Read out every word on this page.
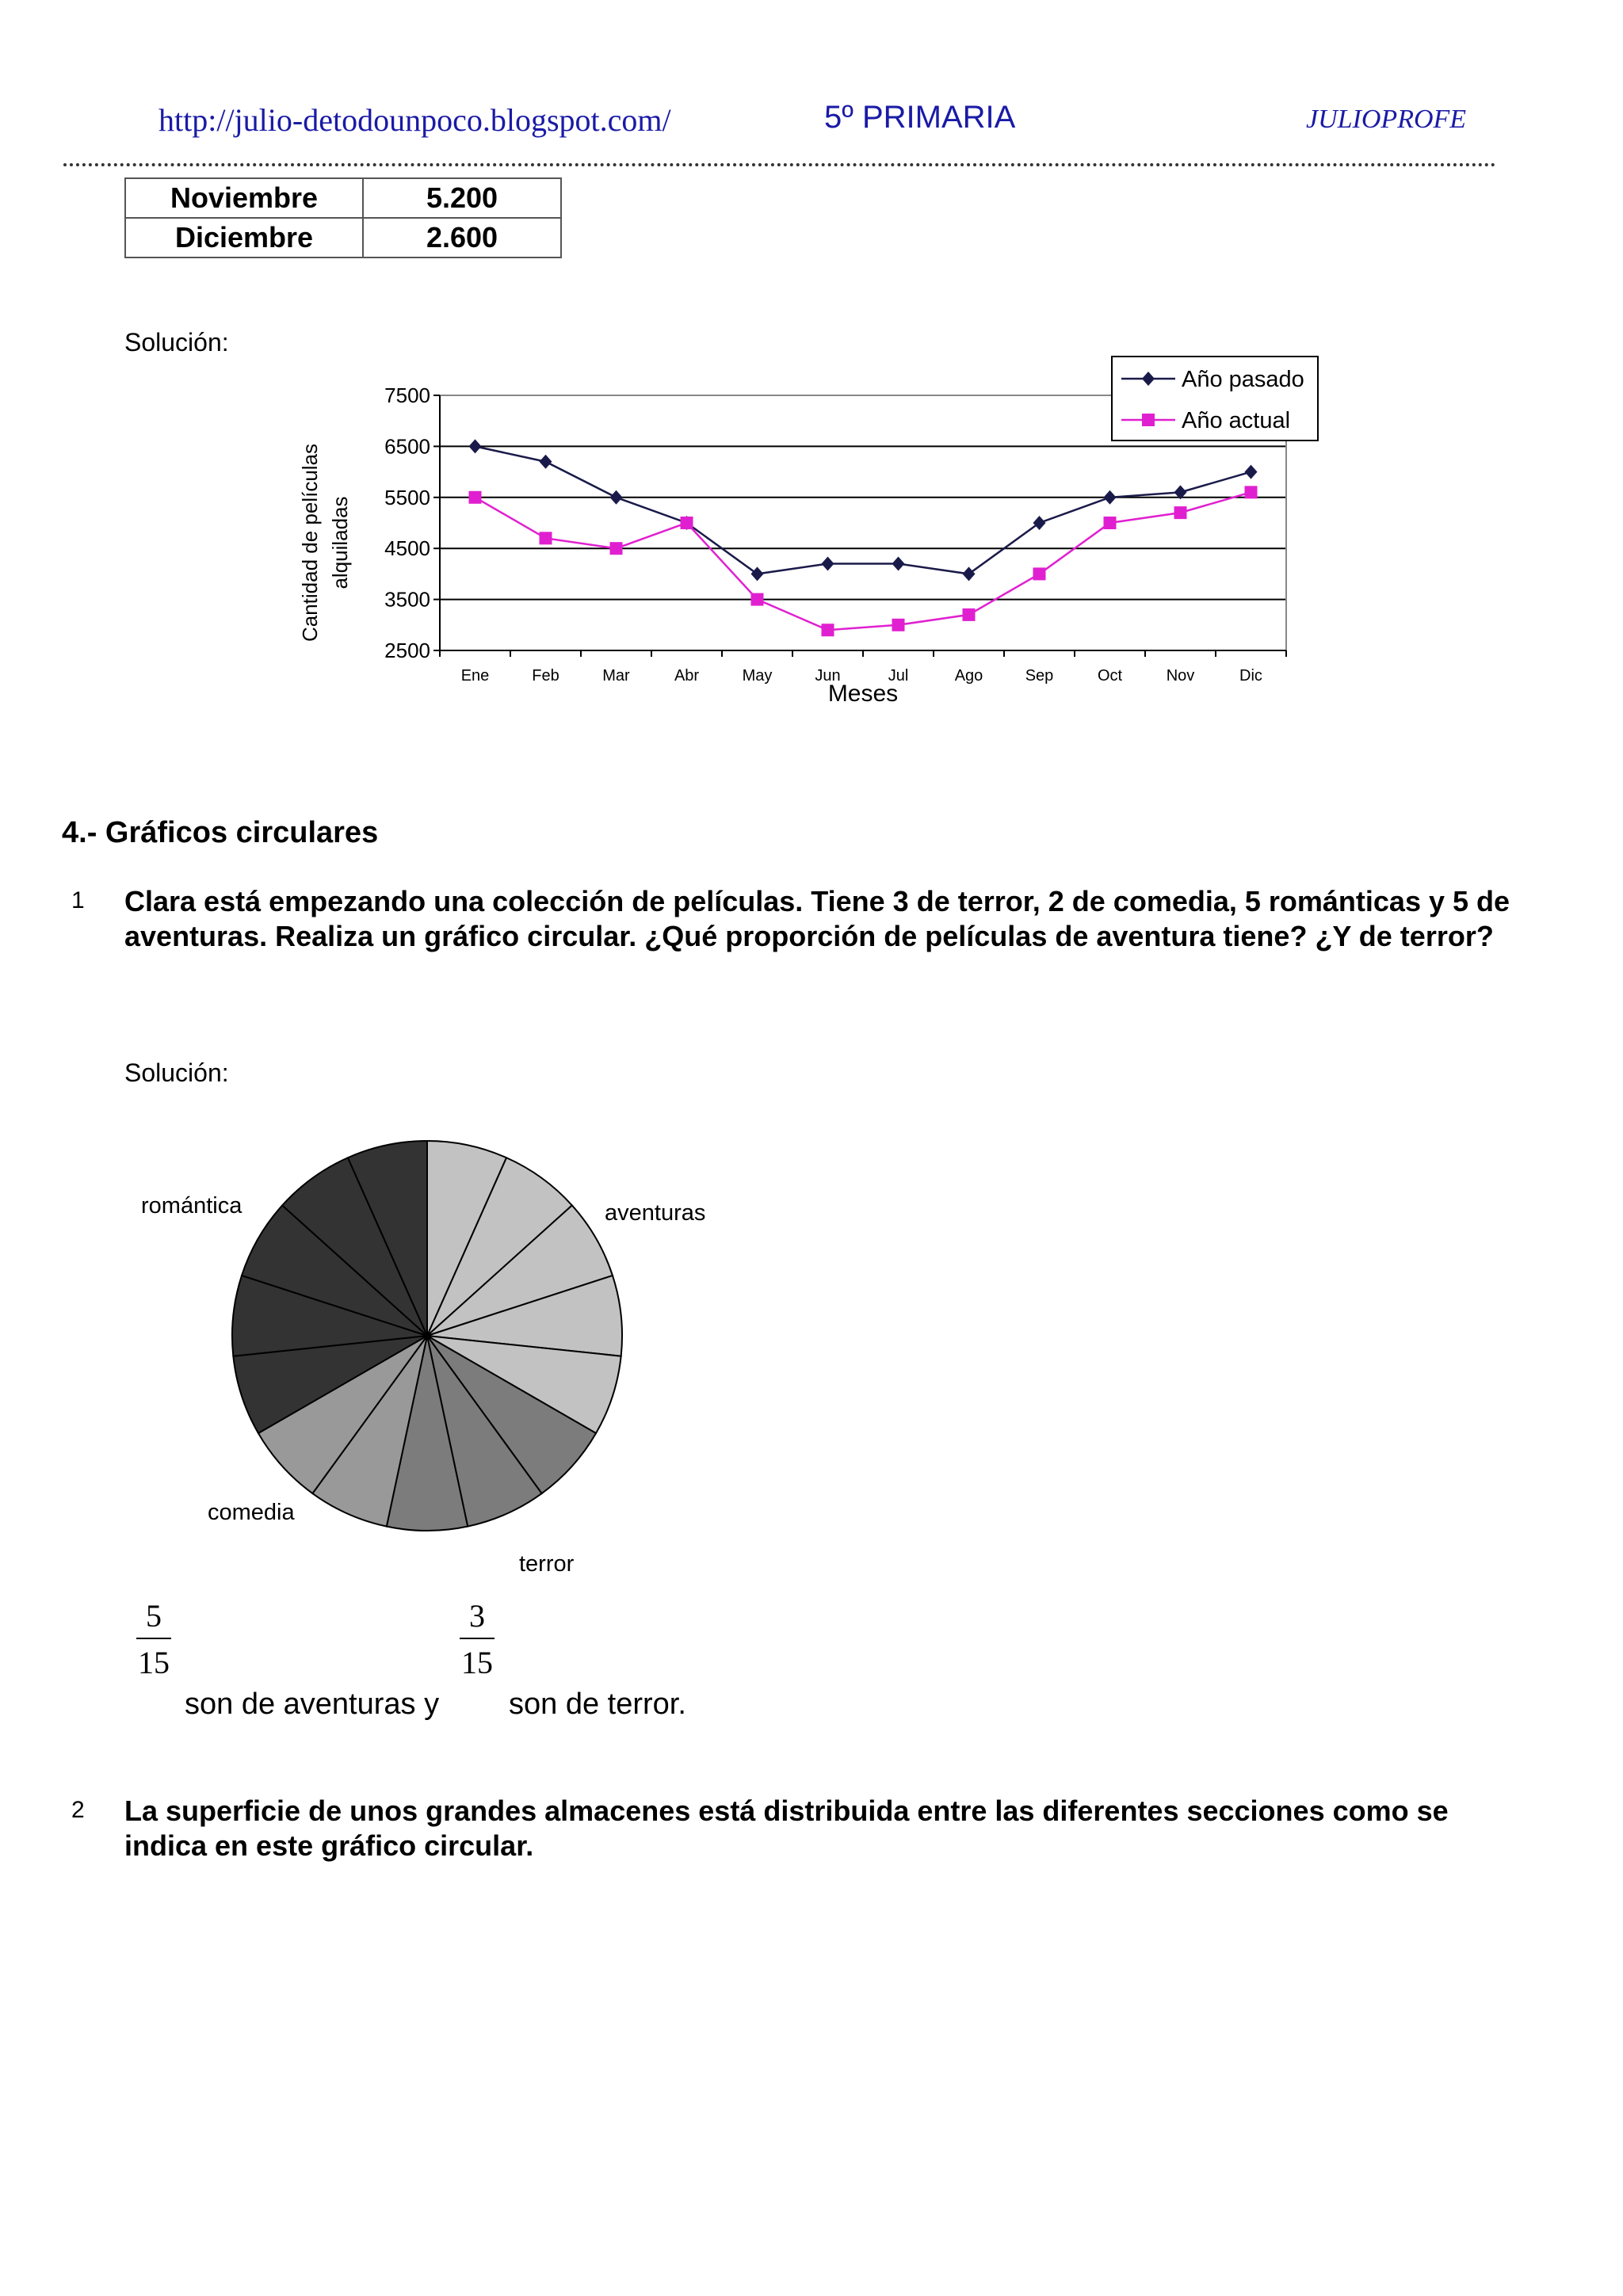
http://julio-detodounpoco.blogspot.com/	5º PRIMARIA	JULIOPROFE
Noviembre	5.200
Diciembre	2.600
Solución:
7500
6500
5500
4500
3500
2500
Ene	Feb	Mar	Abr	May	Jun	Jul	Ago	Sep	Oct	Nov	Dic
Meses
Cantidad de películas alquiladas
Año pasado
Año actual
4.- Gráficos circulares
1 Clara está empezando una colección de películas. Tiene 3 de terror, 2 de comedia, 5 románticas y 5 de aventuras. Realiza un gráfico circular. ¿Qué proporción de películas de aventura tiene? ¿Y de terror?
Solución:
aventuras
terror
comedia
romántica
$\frac{5}{15}$	$\frac{3}{15}$
son de aventuras y son de terror.
2 La superficie de unos grandes almacenes está distribuida entre las diferentes secciones como se indica en este gráfico circular.
